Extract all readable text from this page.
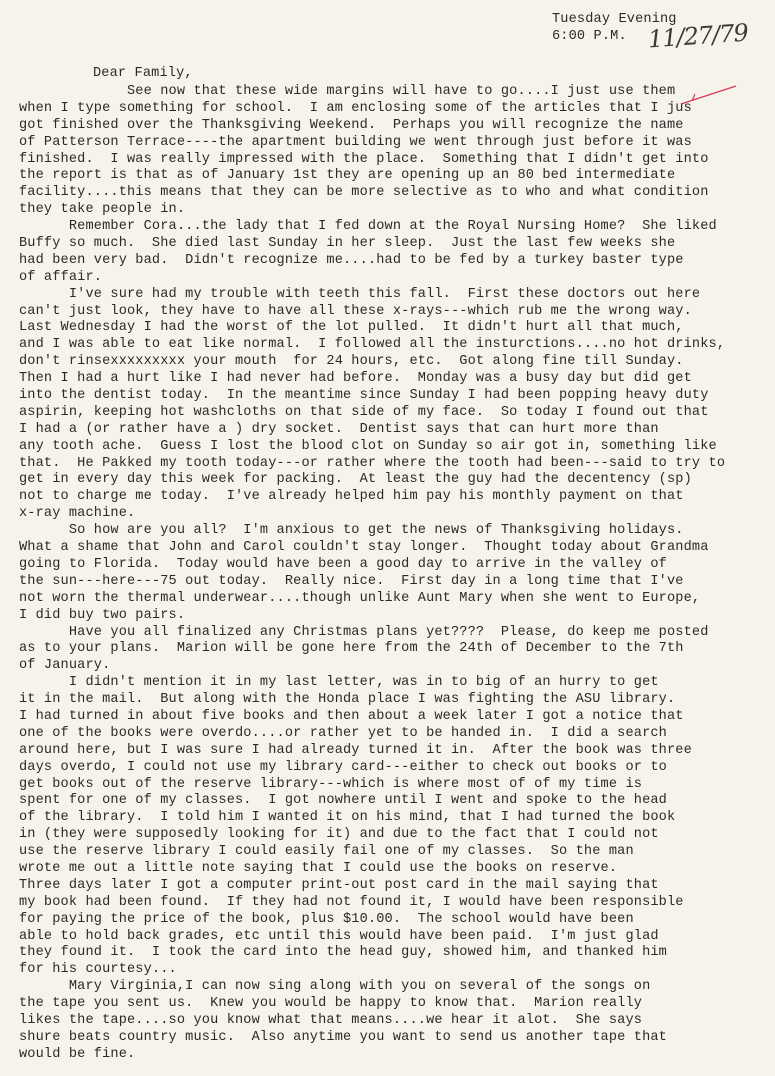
Tuesday Evening
6:00 P.M. 11/27/79
Dear Family,
See now that these wide margins will have to go....I just use them
when I type something for school.  I am enclosing some of the articles that I jus
got finished over the Thanksgiving Weekend.  Perhaps you will recognize the name
of Patterson Terrace----the apartment building we went through just before it was
finished.  I was really impressed with the place.  Something that I didn't get into
the report is that as of January 1st they are opening up an 80 bed intermediate
facility....this means that they can be more selective as to who and what condition
they take people in.
Remember Cora...the lady that I fed down at the Royal Nursing Home?  She liked
Buffy so much.  She died last Sunday in her sleep.  Just the last few weeks she
had been very bad.  Didn't recognize me....had to be fed by a turkey baster type
of affair.
I've sure had my trouble with teeth this fall.  First these doctors out here
can't just look, they have to have all these x-rays---which rub me the wrong way.
Last Wednesday I had the worst of the lot pulled.  It didn't hurt all that much,
and I was able to eat like normal.  I followed all the insturctions....no hot drinks,
don't rinsexxxxxxxxx your mouth  for 24 hours, etc.  Got along fine till Sunday.
Then I had a hurt like I had never had before.  Monday was a busy day but did get
into the dentist today.  In the meantime since Sunday I had been popping heavy duty
aspirin, keeping hot washcloths on that side of my face.  So today I found out that
I had a (or rather have a ) dry socket.  Dentist says that can hurt more than
any tooth ache.  Guess I lost the blood clot on Sunday so air got in, something like
that.  He Pakked my tooth today---or rather where the tooth had been---said to try to
get in every day this week for packing.  At least the guy had the decentency (sp)
not to charge me today.  I've already helped him pay his monthly payment on that
x-ray machine.
So how are you all?  I'm anxious to get the news of Thanksgiving holidays.
What a shame that John and Carol couldn't stay longer.  Thought today about Grandma
going to Florida.  Today would have been a good day to arrive in the valley of
the sun---here---75 out today.  Really nice.  First day in a long time that I've
not worn the thermal underwear....though unlike Aunt Mary when she went to Europe,
I did buy two pairs.
Have you all finalized any Christmas plans yet????  Please, do keep me posted
as to your plans.  Marion will be gone here from the 24th of December to the 7th
of January.
I didn't mention it in my last letter, was in to big of an hurry to get
it in the mail.  But along with the Honda place I was fighting the ASU library.
I had turned in about five books and then about a week later I got a notice that
one of the books were overdo....or rather yet to be handed in.  I did a search
around here, but I was sure I had already turned it in.  After the book was three
days overdo, I could not use my library card---either to check out books or to
get books out of the reserve library---which is where most of of my time is
spent for one of my classes.  I got nowhere until I went and spoke to the head
of the library.  I told him I wanted it on his mind, that I had turned the book
in (they were supposedly looking for it) and due to the fact that I could not
use the reserve library I could easily fail one of my classes.  So the man
wrote me out a little note saying that I could use the books on reserve.
Three days later I got a computer print-out post card in the mail saying that
my book had been found.  If they had not found it, I would have been responsible
for paying the price of the book, plus $10.00.  The school would have been
able to hold back grades, etc until this would have been paid.  I'm just glad
they found it.  I took the card into the head guy, showed him, and thanked him
for his courtesy...
Mary Virginia,I can now sing along with you on several of the songs on
the tape you sent us.  Knew you would be happy to know that.  Marion really
likes the tape....so you know what that means....we hear it alot.  She says
shure beats country music.  Also anytime you want to send us another tape that
would be fine.
